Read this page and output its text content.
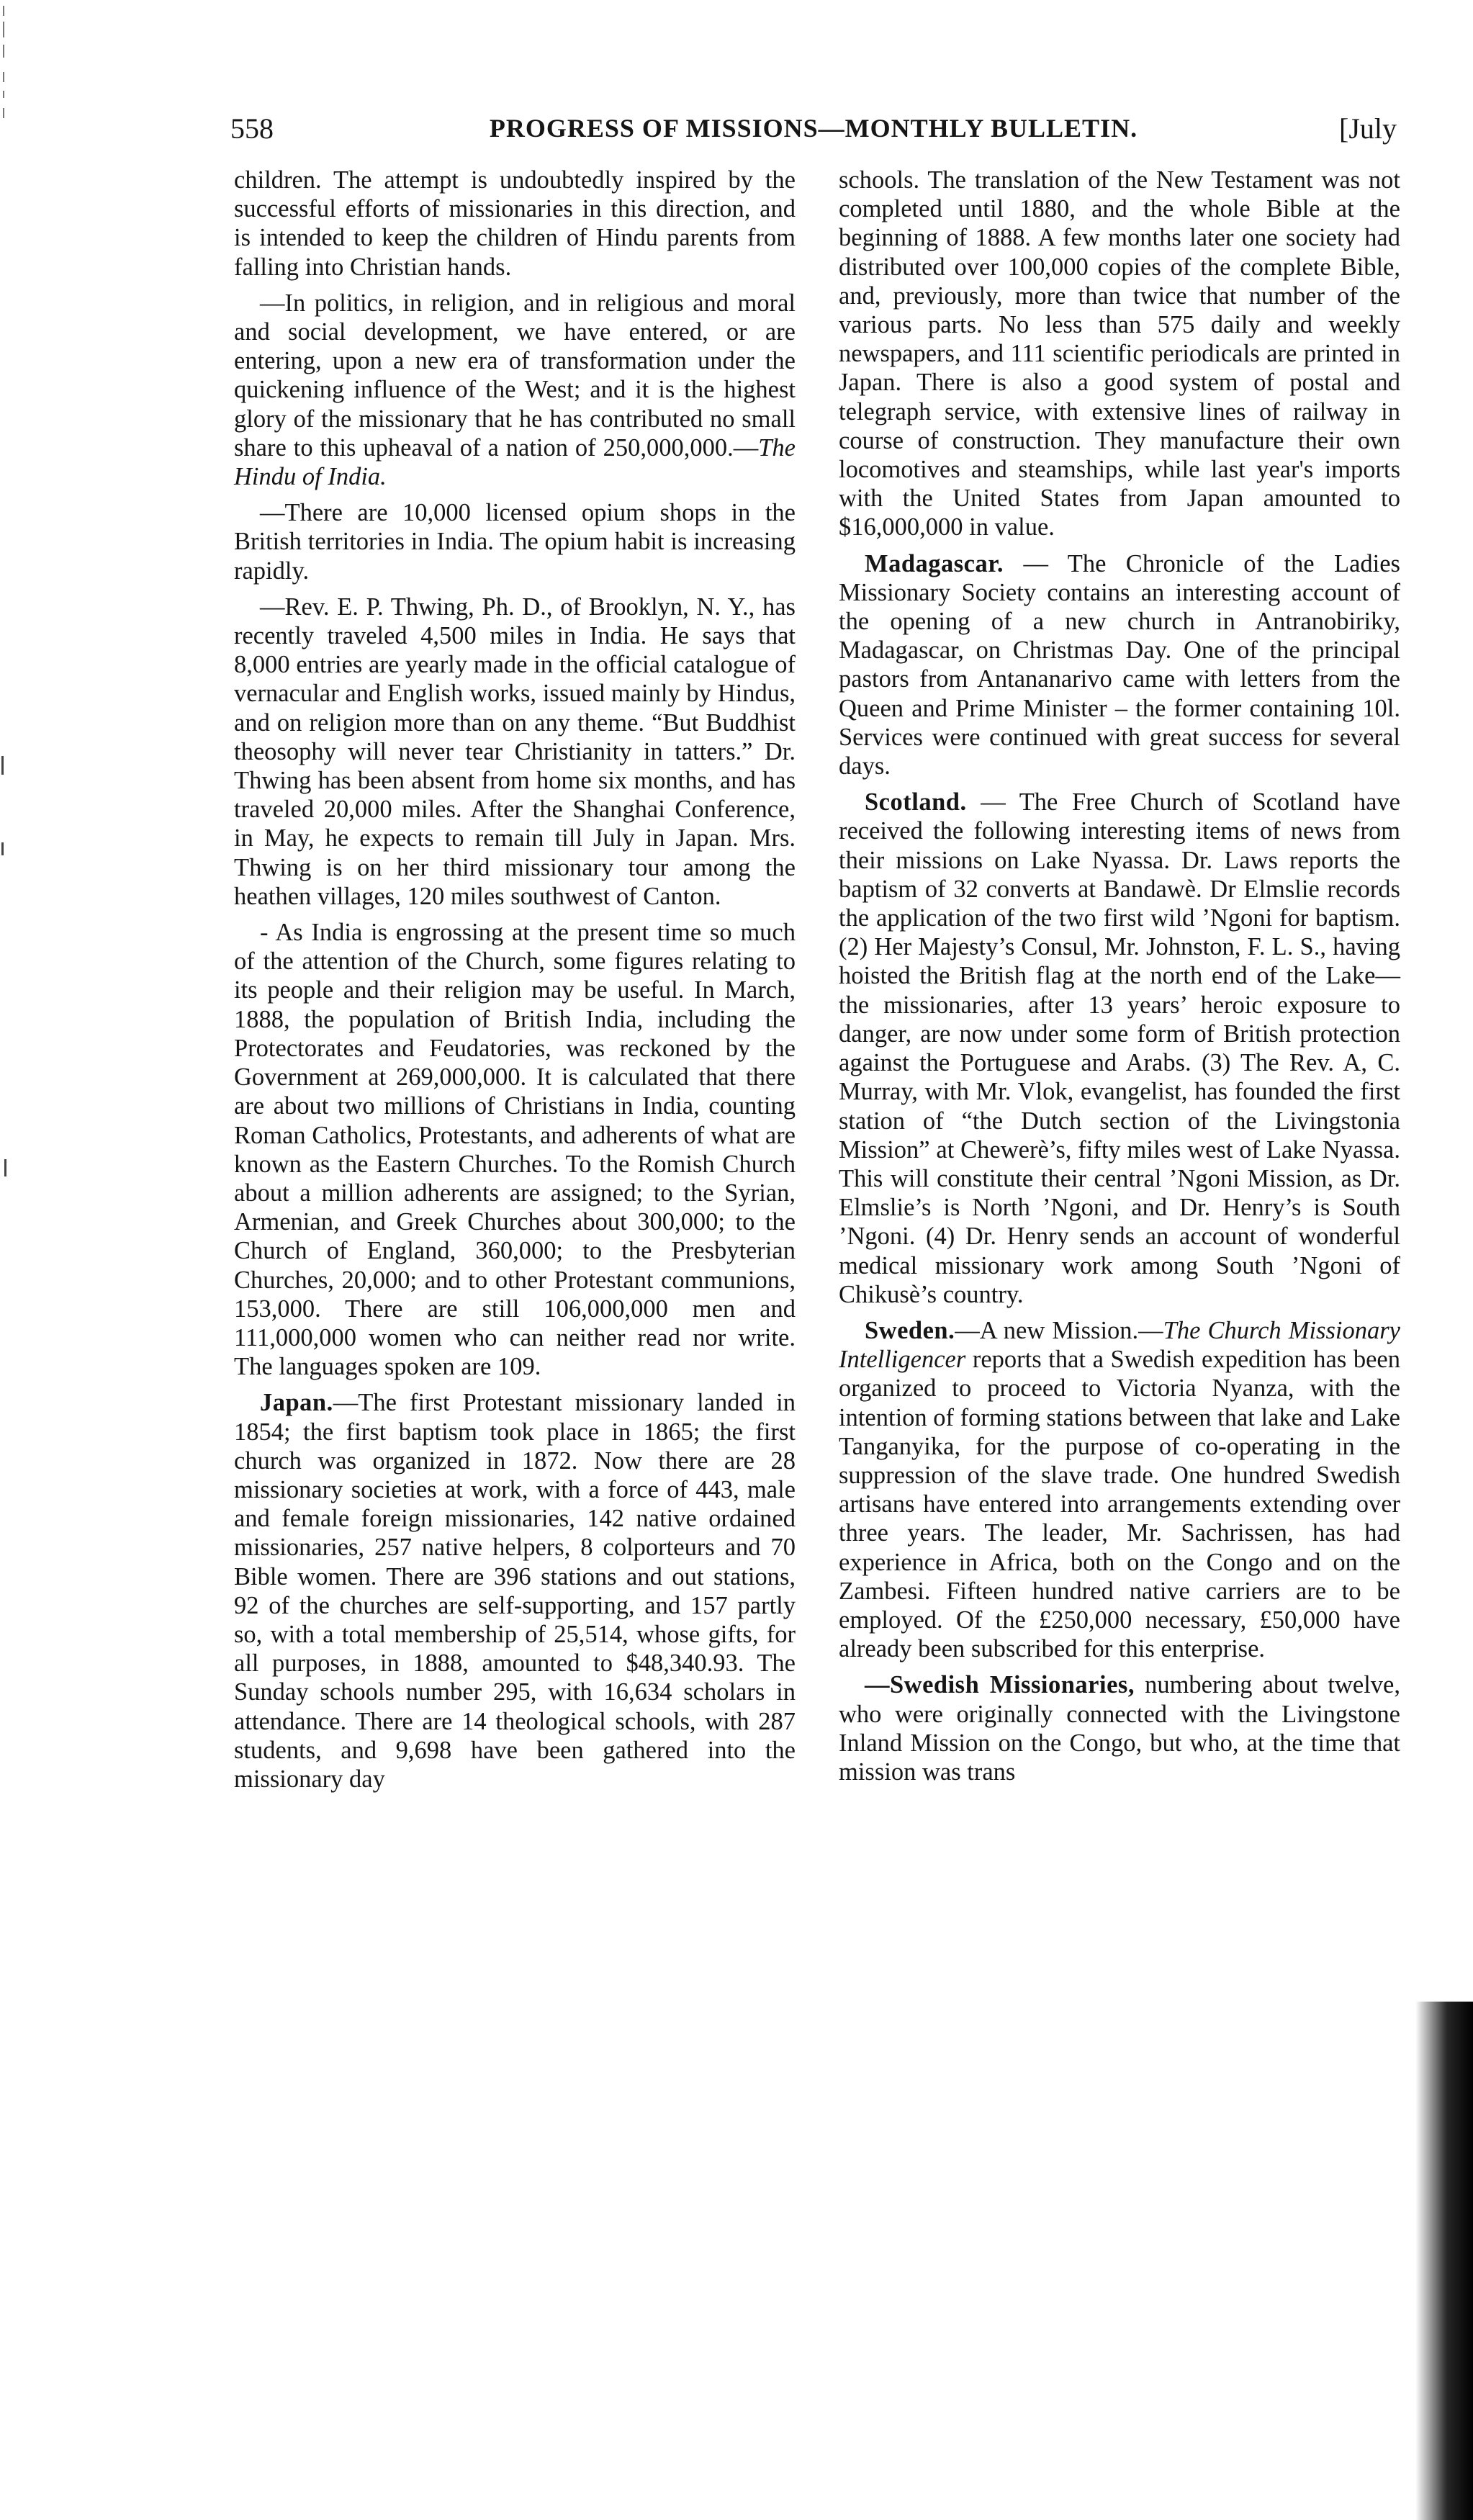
558	PROGRESS OF MISSIONS—MONTHLY BULLETIN.	[July

children. The attempt is undoubtedly inspired by the successful efforts of missionaries in this direction, and is intended to keep the children of Hindu parents from falling into Christian hands.

—In politics, in religion, and in religious and moral and social development, we have entered, or are entering, upon a new era of transformation under the quickening influence of the West; and it is the highest glory of the missionary that he has contributed no small share to this upheaval of a nation of 250,000,000.—The Hindu of India.

—There are 10,000 licensed opium shops in the British territories in India. The opium habit is increasing rapidly.

—Rev. E. P. Thwing, Ph. D., of Brooklyn, N. Y., has recently traveled 4,500 miles in India. He says that 8,000 entries are yearly made in the official catalogue of vernacular and English works, issued mainly by Hindus, and on religion more than on any theme. “But Buddhist theosophy will never tear Christianity in tatters.” Dr. Thwing has been absent from home six months, and has traveled 20,000 miles. After the Shanghai Conference, in May, he expects to remain till July in Japan. Mrs. Thwing is on her third missionary tour among the heathen villages, 120 miles southwest of Canton.

- As India is engrossing at the present time so much of the attention of the Church, some figures relating to its people and their religion may be useful. In March, 1888, the population of British India, including the Protectorates and Feudatories, was reckoned by the Government at 269,000,000. It is calculated that there are about two millions of Christians in India, counting Roman Catholics, Protestants, and adherents of what are known as the Eastern Churches. To the Romish Church about a million adherents are assigned; to the Syrian, Armenian, and Greek Churches about 300,000; to the Church of England, 360,000; to the Presbyterian Churches, 20,000; and to other Protestant communions, 153,000. There are still 106,000,000 men and 111,000,000 women who can neither read nor write. The languages spoken are 109.

Japan.—The first Protestant missionary landed in 1854; the first baptism took place in 1865; the first church was organized in 1872. Now there are 28 missionary societies at work, with a force of 443, male and female foreign missionaries, 142 native ordained missionaries, 257 native helpers, 8 colporteurs and 70 Bible women. There are 396 stations and out stations, 92 of the churches are self-supporting, and 157 partly so, with a total membership of 25,514, whose gifts, for all purposes, in 1888, amounted to $48,340.93. The Sunday schools number 295, with 16,634 scholars in attendance. There are 14 theological schools, with 287 students, and 9,698 have been gathered into the missionary day

schools. The translation of the New Testament was not completed until 1880, and the whole Bible at the beginning of 1888. A few months later one society had distributed over 100,000 copies of the complete Bible, and, previously, more than twice that number of the various parts. No less than 575 daily and weekly newspapers, and 111 scientific periodicals are printed in Japan. There is also a good system of postal and telegraph service, with extensive lines of railway in course of construction. They manufacture their own locomotives and steamships, while last year's imports with the United States from Japan amounted to $16,000,000 in value.

Madagascar. — The Chronicle of the Ladies Missionary Society contains an interesting account of the opening of a new church in Antranobiriky, Madagascar, on Christmas Day. One of the principal pastors from Antananarivo came with letters from the Queen and Prime Minister – the former containing 10l. Services were continued with great success for several days.

Scotland. — The Free Church of Scotland have received the following interesting items of news from their missions on Lake Nyassa. Dr. Laws reports the baptism of 32 converts at Bandawè. Dr Elmslie records the application of the two first wild ’Ngoni for baptism. (2) Her Majesty’s Consul, Mr. Johnston, F. L. S., having hoisted the British flag at the north end of the Lake—the missionaries, after 13 years’ heroic exposure to danger, are now under some form of British protection against the Portuguese and Arabs. (3) The Rev. A, C. Murray, with Mr. Vlok, evangelist, has founded the first station of “the Dutch section of the Livingstonia Mission” at Chewerè’s, fifty miles west of Lake Nyassa. This will constitute their central ’Ngoni Mission, as Dr. Elmslie’s is North ’Ngoni, and Dr. Henry’s is South ’Ngoni. (4) Dr. Henry sends an account of wonderful medical missionary work among South ’Ngoni of Chikusè’s country.

Sweden.—A new Mission.—The Church Missionary Intelligencer reports that a Swedish expedition has been organized to proceed to Victoria Nyanza, with the intention of forming stations between that lake and Lake Tanganyika, for the purpose of co-operating in the suppression of the slave trade. One hundred Swedish artisans have entered into arrangements extending over three years. The leader, Mr. Sachrissen, has had experience in Africa, both on the Congo and on the Zambesi. Fifteen hundred native carriers are to be employed. Of the £250,000 necessary, £50,000 have already been subscribed for this enterprise.

—Swedish Missionaries, numbering about twelve, who were originally connected with the Livingstone Inland Mission on the Congo, but who, at the time that mission was trans
